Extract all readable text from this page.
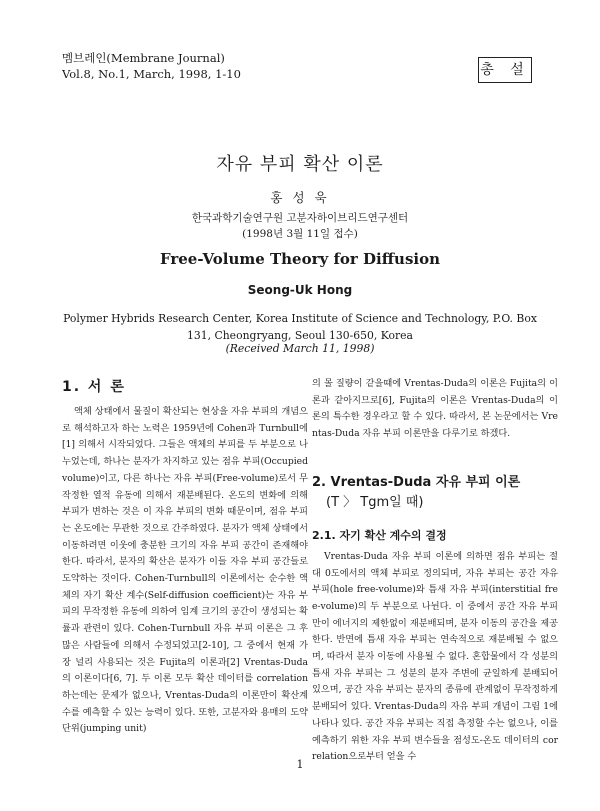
멤브레인(Membrane Journal)
Vol.8, No.1, March, 1998, 1-10	총 설
자유 부피 확산 이론
홍 성 욱
한국과학기술연구원 고분자하이브리드연구센터
(1998년 3월 11일 접수)
Free-Volume Theory for Diffusion
Seong-Uk Hong
Polymer Hybrids Research Center, Korea Institute of Science and Technology, P.O. Box 131, Cheongryang, Seoul 130-650, Korea
(Received March 11, 1998)
1. 서 론

액체 상태에서 물질이 확산되는 현상을 자유 부피의 개념으로 해석하고자 하는 노력은 1959년에 Cohen과 Turnbull에[1] 의해서 시작되었다. 그들은 액체의 부피를 두 부분으로 나누었는데, 하나는 분자가 차지하고 있는 점유 부피(Occupied volume)이고, 다른 하나는 자유 부피(Free-volume)로서 무작정한 열적 유동에 의해서 재분배된다. 온도의 변화에 의해 부피가 변하는 것은 이 자유 부피의 변화 때문이며, 점유 부피는 온도에는 무관한 것으로 간주하였다. 분자가 액체 상태에서 이동하려면 이웃에 충분한 크기의 자유 부피 공간이 존재해야한다. 따라서, 분자의 확산은 분자가 이들 자유 부피 공간들로 도약하는 것이다. Cohen-Turnbull의 이론에서는 순수한 액체의 자기 확산 계수(Self-diffusion coefficient)는 자유 부피의 무작정한 유동에 의하여 임계 크기의 공간이 생성되는 확률과 관련이 있다. Cohen-Turnbull 자유 부피 이론은 그 후 많은 사람들에 의해서 수정되었고[2-10], 그 중에서 현재 가장 널리 사용되는 것은 Fujita의 이론과[2] Vrentas-Duda의 이론이다[6, 7]. 두 이론 모두 확산 데이터를 correlation하는데는 문제가 없으나, Vrentas-Duda의 이론만이 확산계수를 예측할 수 있는 능력이 있다. 또한, 고분자와 용매의 도약 단위(jumping unit)

의 몰 질량이 같을때에 Vrentas-Duda의 이론은 Fujita의 이론과 같아지므로[6], Fujita의 이론은 Vrentas-Duda의 이론의 특수한 경우라고 할 수 있다. 따라서, 본 논문에서는 Vrentas-Duda 자유 부피 이론만을 다루기로 하겠다.

2. Vrentas-Duda 자유 부피 이론
(T 〉 Tgm일 때)
2.1. 자기 확산 계수의 결정

Vrentas-Duda 자유 부피 이론에 의하면 점유 부피는 절대 0도에서의 액체 부피로 정의되며, 자유 부피는 공간 자유 부피(hole free-volume)와 틈새 자유 부피(interstitial free-volume)의 두 부분으로 나뉜다. 이 중에서 공간 자유 부피만이 에너지의 제한없이 재분배되며, 분자 이동의 공간을 제공한다. 반면에 틈새 자유 부피는 연속적으로 재분배될 수 없으며, 따라서 분자 이동에 사용될 수 없다. 혼합물에서 각 성분의 틈새 자유 부피는 그 성분의 분자 주변에 균일하게 분배되어 있으며, 공간 자유 부피는 분자의 종류에 관계없이 무작정하게 분배되어 있다. Vrentas-Duda의 자유 부피 개념이 그림 1에 나타나 있다. 공간 자유 부피는 직접 측정할 수는 없으나, 이를 예측하기 위한 자유 부피 변수들을 점성도-온도 데이터의 correlation으로부터 얻을 수

1
